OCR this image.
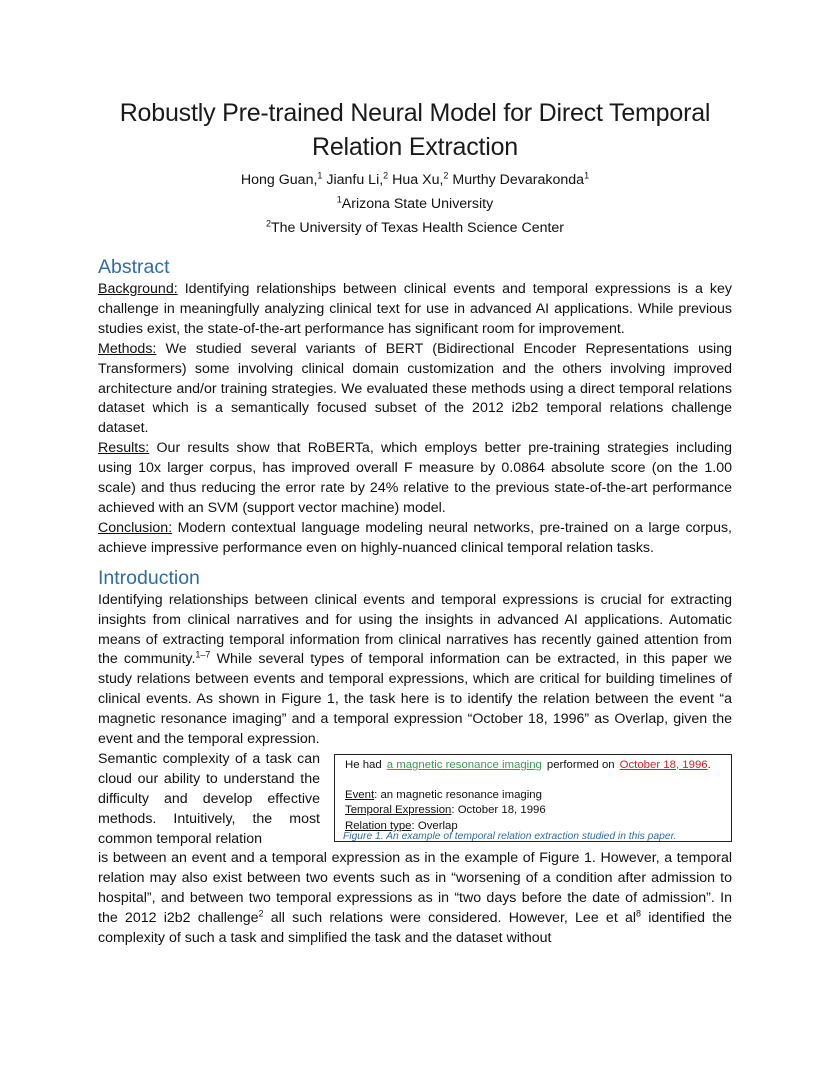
Robustly Pre-trained Neural Model for Direct Temporal Relation Extraction

Hong Guan,$^1$ Jianfu Li,$^2$ Hua Xu,$^2$ Murthy Devarakonda$^1$

$^1$Arizona State University

$^2$The University of Texas Health Science Center

Abstract

Background: Identifying relationships between clinical events and temporal expressions is a key challenge in meaningfully analyzing clinical text for use in advanced AI applications. While previous studies exist, the state-of-the-art performance has significant room for improvement.

Methods: We studied several variants of BERT (Bidirectional Encoder Representations using Transformers) some involving clinical domain customization and the others involving improved architecture and/or training strategies. We evaluated these methods using a direct temporal relations dataset which is a semantically focused subset of the 2012 i2b2 temporal relations challenge dataset.

Results: Our results show that RoBERTa, which employs better pre-training strategies including using 10x larger corpus, has improved overall F measure by 0.0864 absolute score (on the 1.00 scale) and thus reducing the error rate by 24% relative to the previous state-of-the-art performance achieved with an SVM (support vector machine) model.

Conclusion: Modern contextual language modeling neural networks, pre-trained on a large corpus, achieve impressive performance even on highly-nuanced clinical temporal relation tasks.

Introduction

Identifying relationships between clinical events and temporal expressions is crucial for extracting insights from clinical narratives and for using the insights in advanced AI applications. Automatic means of extracting temporal information from clinical narratives has recently gained attention from the community.$^{1-7}$ While several types of temporal information can be extracted, in this paper we study relations between events and temporal expressions, which are critical for building timelines of clinical events. As shown in Figure 1, the task here is to identify the relation between the event “a magnetic resonance imaging” and a temporal expression “October 18, 1996” as Overlap, given the event and the temporal expression.

He had a magnetic resonance imaging performed on October 18, 1996.
Event: an magnetic resonance imaging
Temporal Expression: October 18, 1996
Relation type: Overlap
Figure 1. An example of temporal relation extraction studied in this paper.

Semantic complexity of a task can cloud our ability to understand the difficulty and develop effective methods. Intuitively, the most common temporal relation

is between an event and a temporal expression as in the example of Figure 1. However, a temporal relation may also exist between two events such as in “worsening of a condition after admission to hospital”, and between two temporal expressions as in “two days before the date of admission”. In the 2012 i2b2 challenge$^2$ all such relations were considered. However, Lee et $al^8$ identified the complexity of such a task and simplified the task and the dataset without
